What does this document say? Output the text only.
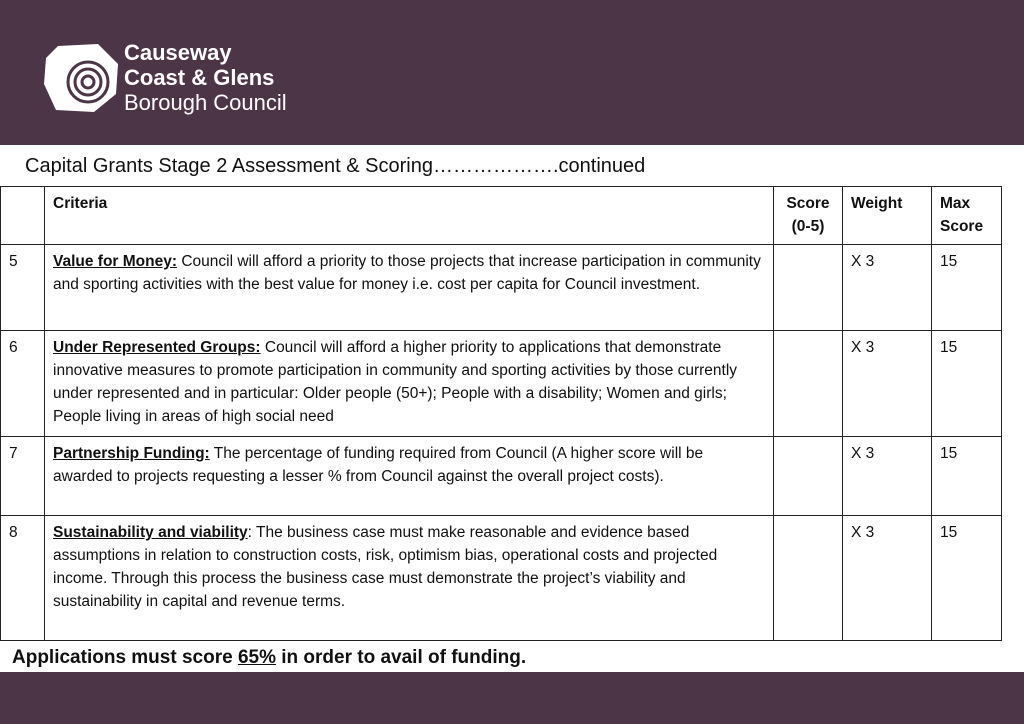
Causeway
Coast & Glens
Borough Council
Capital Grants Stage 2 Assessment & Scoring……………….continued
	Criteria	Score (0-5)	Weight	Max Score
5	Value for Money: Council will afford a priority to those projects that increase participation in community and sporting activities with the best value for money i.e. cost per capita for Council investment.		X 3	15
6	Under Represented Groups: Council will afford a higher priority to applications that demonstrate innovative measures to promote participation in community and sporting activities by those currently under represented and in particular: Older people (50+); People with a disability; Women and girls; People living in areas of high social need		X 3	15
7	Partnership Funding: The percentage of funding required from Council (A higher score will be awarded to projects requesting a lesser % from Council against the overall project costs).		X 3	15
8	Sustainability and viability: The business case must make reasonable and evidence based assumptions in relation to construction costs, risk, optimism bias, operational costs and projected income. Through this process the business case must demonstrate the project’s viability and sustainability in capital and revenue terms.		X 3	15
Applications must score 65% in order to avail of funding.
